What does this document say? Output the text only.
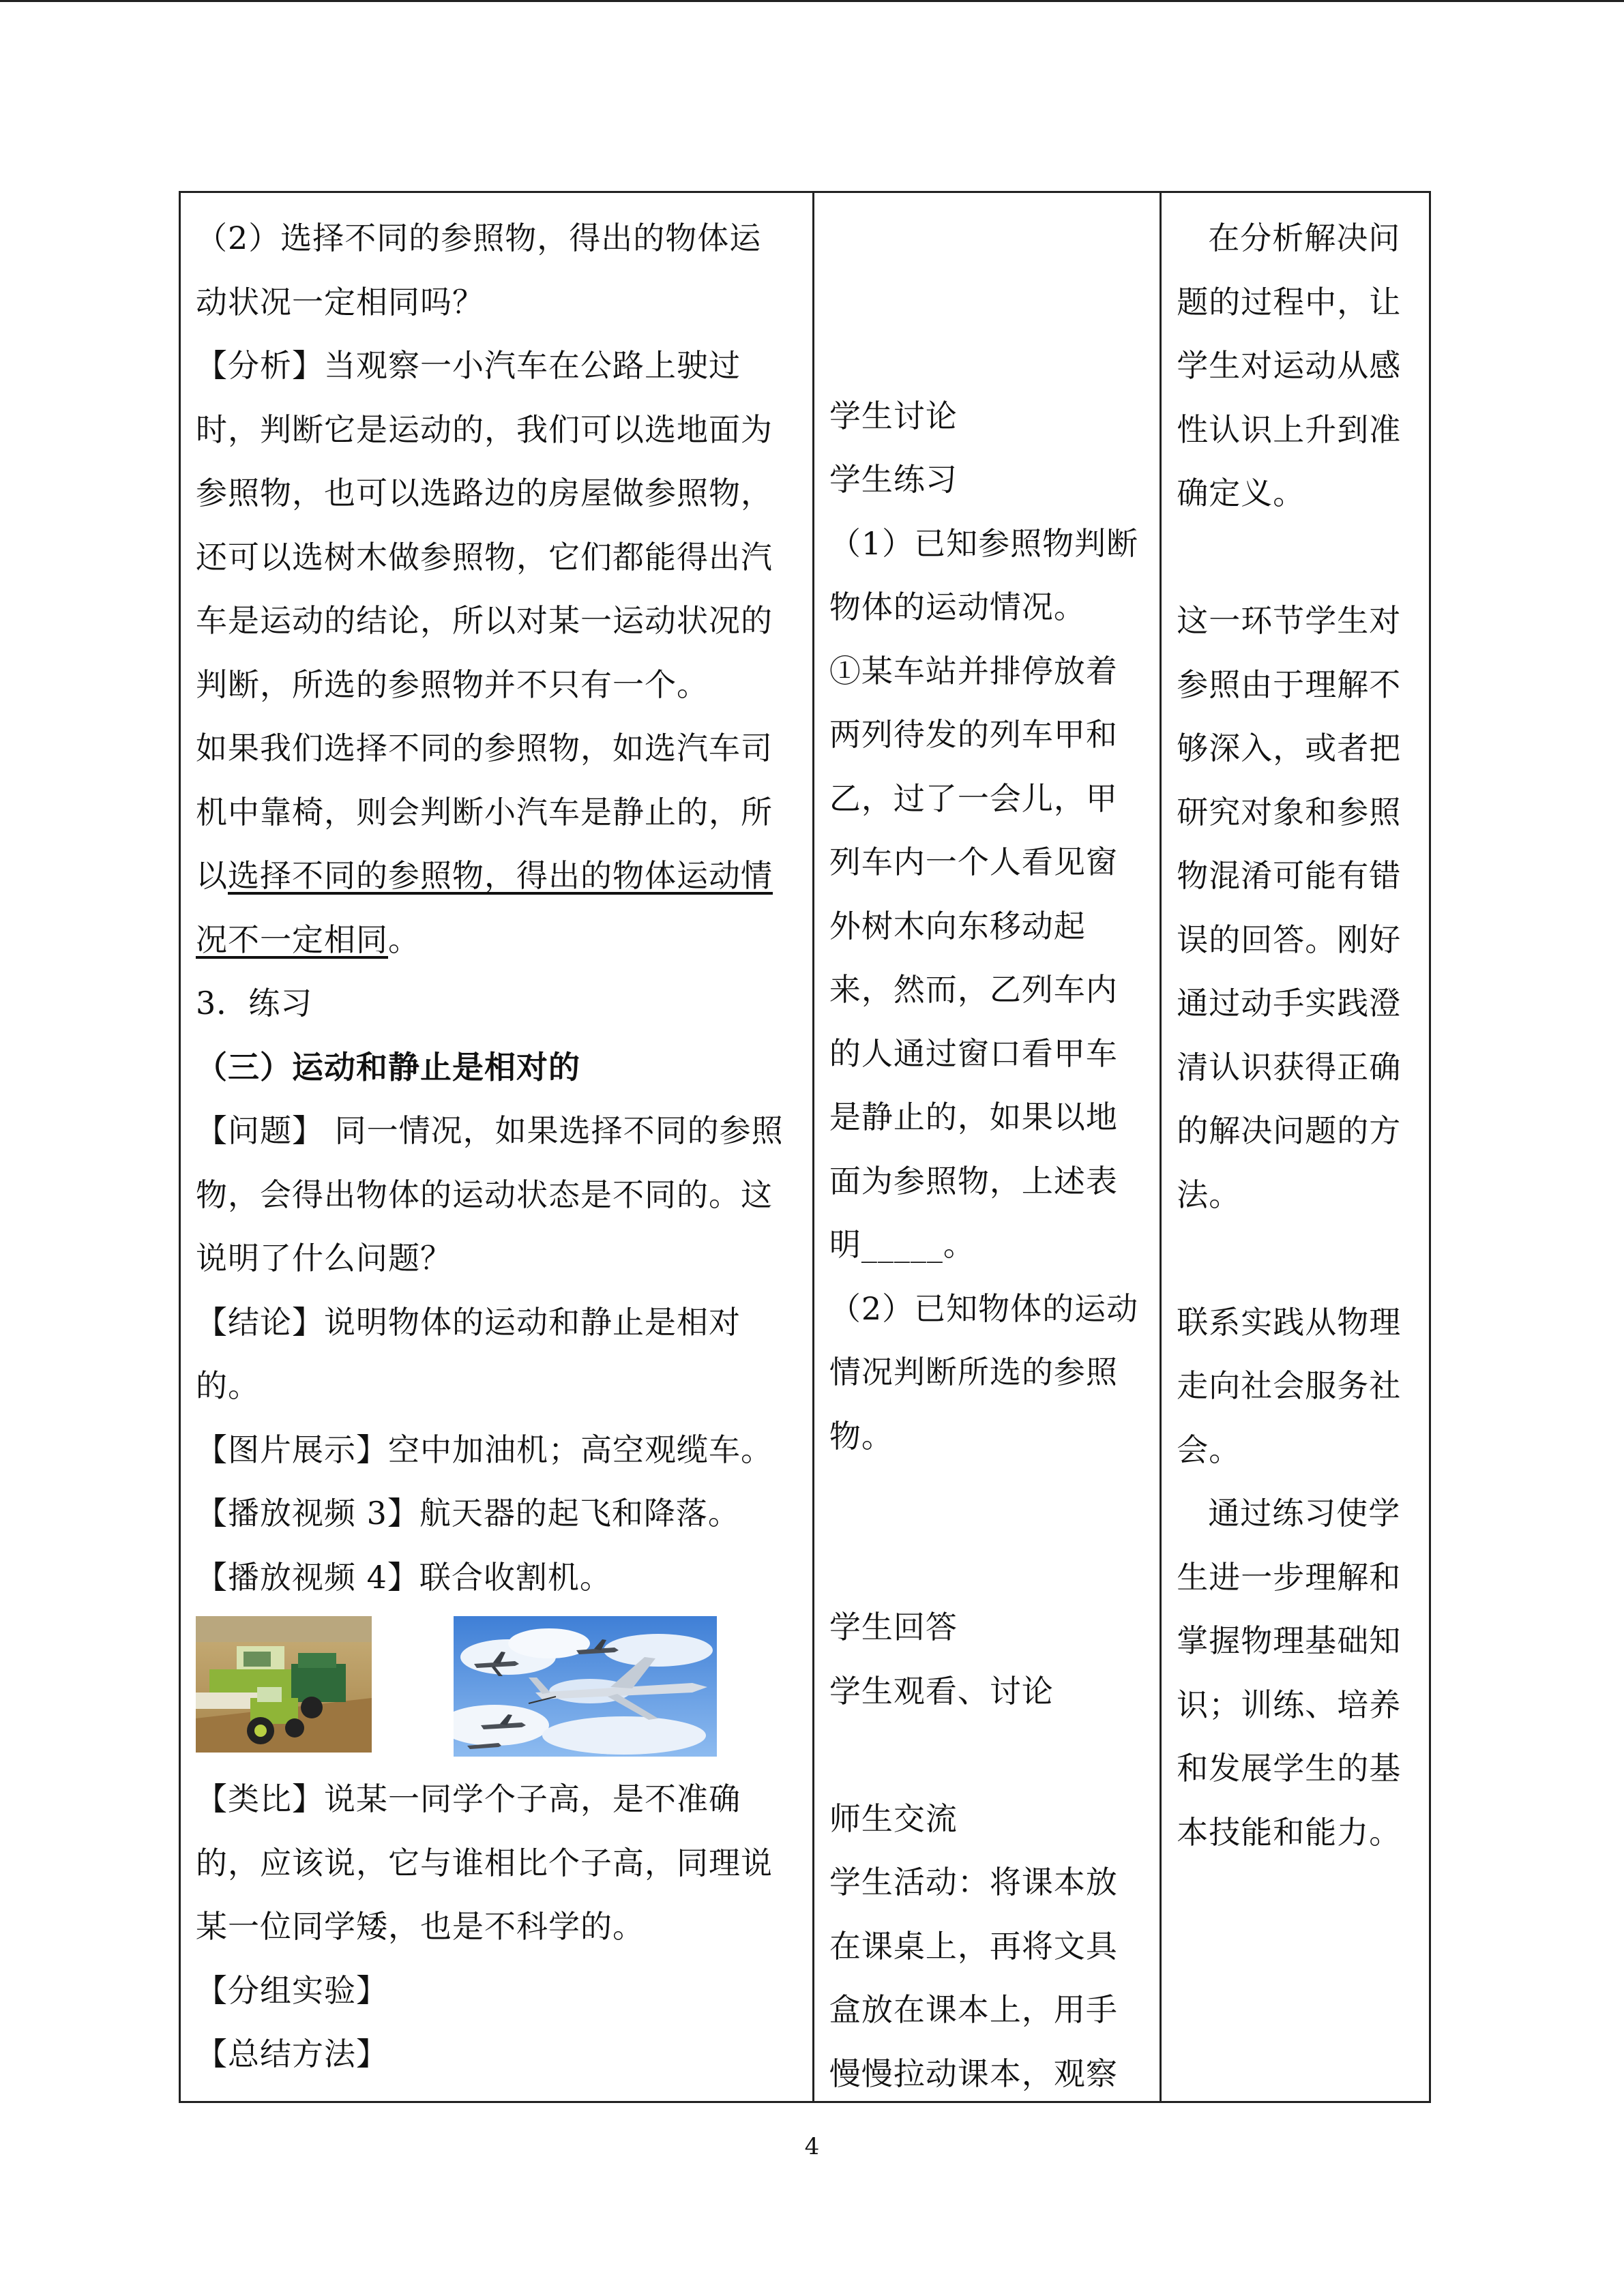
（2）选择不同的参照物，得出的物体运
动状况一定相同吗？
【分析】当观察一小汽车在公路上驶过
时，判断它是运动的，我们可以选地面为
参照物，也可以选路边的房屋做参照物，
还可以选树木做参照物，它们都能得出汽
车是运动的结论，所以对某一运动状况的
判断，所选的参照物并不只有一个。
如果我们选择不同的参照物，如选汽车司
机中靠椅，则会判断小汽车是静止的，所
以选择不同的参照物，得出的物体运动情
况不一定相同。
3．练习
（三）运动和静止是相对的
【问题】 同一情况，如果选择不同的参照
物，会得出物体的运动状态是不同的。这
说明了什么问题？
【结论】说明物体的运动和静止是相对
的。
【图片展示】空中加油机；高空观缆车。
【播放视频 3】航天器的起飞和降落。
【播放视频 4】联合收割机。
【类比】说某一同学个子高，是不准确
的，应该说，它与谁相比个子高，同理说
某一位同学矮，也是不科学的。
【分组实验】
【总结方法】
学生讨论
学生练习
（1）已知参照物判断
物体的运动情况。
①某车站并排停放着
两列待发的列车甲和
乙，过了一会儿，甲
列车内一个人看见窗
外树木向东移动起
来，然而，乙列车内
的人通过窗口看甲车
是静止的，如果以地
面为参照物，上述表
明_____。
（2）已知物体的运动
情况判断所选的参照
物。
学生回答
学生观看、讨论
师生交流
学生活动：将课本放
在课桌上，再将文具
盒放在课本上，用手
慢慢拉动课本，观察
在分析解决问
题的过程中，让
学生对运动从感
性认识上升到准
确定义。
这一环节学生对
参照由于理解不
够深入，或者把
研究对象和参照
物混淆可能有错
误的回答。刚好
通过动手实践澄
清认识获得正确
的解决问题的方
法。
联系实践从物理
走向社会服务社
会。
通过练习使学
生进一步理解和
掌握物理基础知
识；训练、培养
和发展学生的基
本技能和能力。
4
